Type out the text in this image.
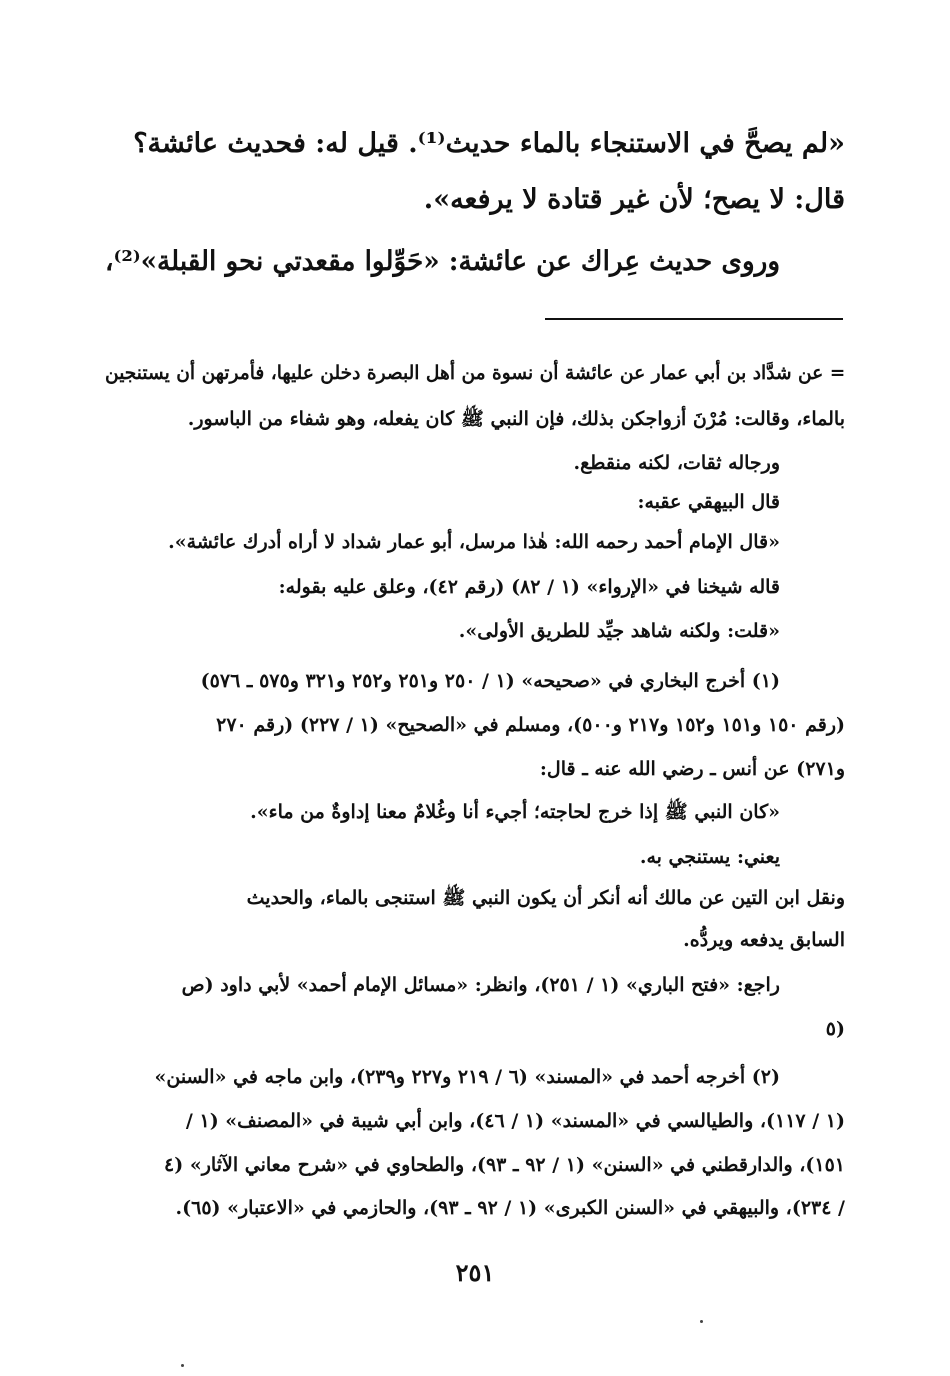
«لم يصحَّ في الاستنجاء بالماء حديث⁽¹⁾. قيل له: فحديث عائشة؟
قال: لا يصح؛ لأن غير قتادة لا يرفعه».
وروى حديث عِراك عن عائشة: «حَوِّلوا مقعدتي نحو القبلة»⁽²⁾،
= عن شدَّاد بن أبي عمار عن عائشة أن نسوة من أهل البصرة دخلن عليها، فأمرتهن أن يستنجين
بالماء، وقالت: مُرْنَ أزواجكن بذلك، فإن النبي ﷺ كان يفعله، وهو شفاء من الباسور.
ورجاله ثقات، لكنه منقطع.
قال البيهقي عقبه:
«قال الإمام أحمد رحمه الله: هٰذا مرسل، أبو عمار شداد لا أراه أدرك عائشة».
قاله شيخنا في «الإرواء» (١ / ٨٢) (رقم ٤٢)، وعلق عليه بقوله:
«قلت: ولكنه شاهد جيِّد للطريق الأولى».
(١) أخرج البخاري في «صحيحه» (١ / ٢٥٠ و٢٥١ و٢٥٢ و٣٢١ و٥٧٥ ـ ٥٧٦)
(رقم ١٥٠ و١٥١ و١٥٢ و٢١٧ و٥٠٠)، ومسلم في «الصحيح» (١ / ٢٢٧) (رقم ٢٧٠
و٢٧١) عن أنس ـ رضي الله عنه ـ قال:
«كان النبي ﷺ إذا خرج لحاجته؛ أجيء أنا وغُلامٌ معنا إداوةٌ من ماء».
يعني: يستنجي به.
ونقل ابن التين عن مالك أنه أنكر أن يكون النبي ﷺ استنجى بالماء، والحديث
السابق يدفعه ويردُّه.
راجع: «فتح الباري» (١ / ٢٥١)، وانظر: «مسائل الإمام أحمد» لأبي داود (ص
٥)
(٢) أخرجه أحمد في «المسند» (٦ / ٢١٩ و٢٢٧ و٢٣٩)، وابن ماجه في «السنن»
(١ / ١١٧)، والطيالسي في «المسند» (١ / ٤٦)، وابن أبي شيبة في «المصنف» (١ /
١٥١)، والدارقطني في «السنن» (١ / ٩٢ ـ ٩٣)، والطحاوي في «شرح معاني الآثار» (٤
/ ٢٣٤)، والبيهقي في «السنن الكبرى» (١ / ٩٢ ـ ٩٣)، والحازمي في «الاعتبار» (٦٥).
٢٥١
